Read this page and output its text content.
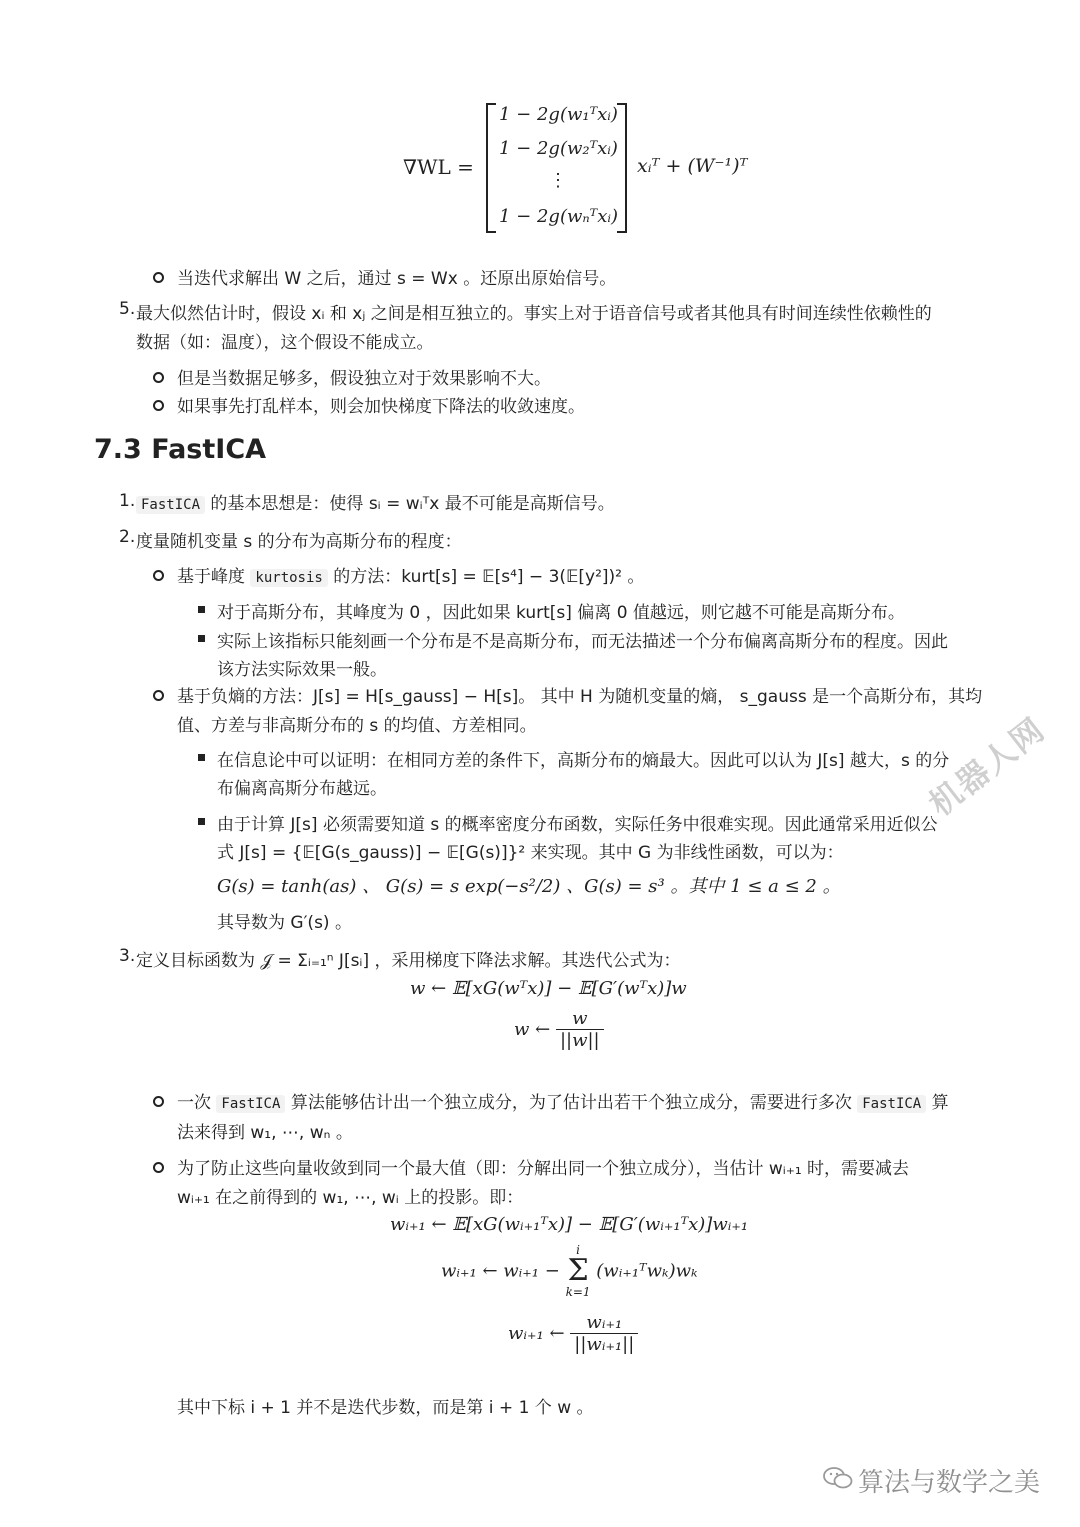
∇WL =
1 − 2g(w₁ᵀxᵢ)
1 − 2g(w₂ᵀxᵢ)
⋮
1 − 2g(wₙᵀxᵢ)
xᵢᵀ + (W⁻¹)ᵀ
当迭代求解出 W 之后，通过 s = Wx 。还原出原始信号。
5. 最大似然估计时，假设 xᵢ 和 xⱼ 之间是相互独立的。事实上对于语音信号或者其他具有时间连续性依赖性的
数据（如：温度），这个假设不能成立。
但是当数据足够多，假设独立对于效果影响不大。
如果事先打乱样本，则会加快梯度下降法的收敛速度。
7.3 FastICA
1. FastICA 的基本思想是：使得 sᵢ = wᵢᵀx 最不可能是高斯信号。
2. 度量随机变量 s 的分布为高斯分布的程度：
基于峰度 kurtosis 的方法：kurt[s] = 𝔼[s⁴] − 3(𝔼[y²])² 。
对于高斯分布，其峰度为 0 ，因此如果 kurt[s] 偏离 0 值越远，则它越不可能是高斯分布。
实际上该指标只能刻画一个分布是不是高斯分布，而无法描述一个分布偏离高斯分布的程度。因此
该方法实际效果一般。
基于负熵的方法：J[s] = H[s_gauss] − H[s]。 其中 H 为随机变量的熵， s_gauss 是一个高斯分布，其均
值、方差与非高斯分布的 s 的均值、方差相同。
在信息论中可以证明：在相同方差的条件下，高斯分布的熵最大。因此可以认为 J[s] 越大，s 的分
布偏离高斯分布越远。
由于计算 J[s] 必须需要知道 s 的概率密度分布函数，实际任务中很难实现。因此通常采用近似公
式 J[s] = {𝔼[G(s_gauss)] − 𝔼[G(s)]}² 来实现。其中 G 为非线性函数，可以为：
G(s) = tanh(as) 、 G(s) = s exp(−s²/2) 、G(s) = s³ 。其中 1 ≤ a ≤ 2 。
其导数为 G′(s) 。
3. 定义目标函数为 𝒥 = Σᵢ₌₁ⁿ J[sᵢ] ，采用梯度下降法求解。其迭代公式为：
w ← 𝔼[xG(wᵀx)] − 𝔼[G′(wᵀx)]w
w ← $\frac{w}{||w||}$
一次 FastICA 算法能够估计出一个独立成分，为了估计出若干个独立成分，需要进行多次 FastICA 算
法来得到 w₁, ⋯, wₙ 。
为了防止这些向量收敛到同一个最大值（即：分解出同一个独立成分），当估计 wᵢ₊₁ 时，需要减去
wᵢ₊₁ 在之前得到的 w₁, ⋯, wᵢ 上的投影。即：
wᵢ₊₁ ← 𝔼[xG(wᵢ₊₁ᵀx)] − 𝔼[G′(wᵢ₊₁ᵀx)]wᵢ₊₁
wᵢ₊₁ ← wᵢ₊₁ −
i
Σ
k=1
(wᵢ₊₁ᵀwₖ)wₖ
wᵢ₊₁ ← $\frac{\text{wᵢ₊₁}}{\text{||wᵢ₊₁||}}$
其中下标 i + 1 并不是迭代步数，而是第 i + 1 个 w 。
机器人网
算法与数学之美
